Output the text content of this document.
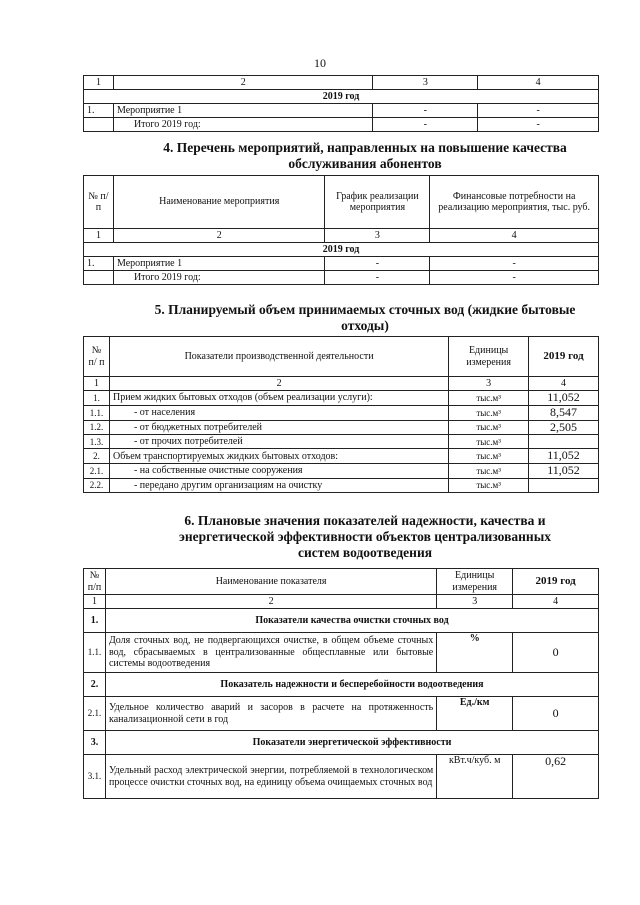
10
1	2	3	4
2019 год			
1.	Мероприятие 1	-	-
	Итого 2019 год:	-	-
4. Перечень мероприятий, направленных на повышение качества
обслуживания абонентов
№ п/п	Наименование мероприятия	График реализации мероприятия	Финансовые потребности на реализацию мероприятия, тыс. руб.
1	2	3	4
2019 год			
1.	Мероприятие 1	-	-
	Итого 2019 год:	-	-
5. Планируемый объем принимаемых сточных вод (жидкие бытовые
отходы)
№ п/ п	Показатели производственной деятельности	Единицы измерения	2019 год
1	2	3	4
1.	Прием жидких бытовых отходов (объем реализации услуги):	тыс.м³	11,052
1.1.	- от населения	тыс.м³	8,547
1.2.	- от бюджетных потребителей	тыс.м³	2,505
1.3.	- от прочих потребителей	тыс.м³	
2.	Объем транспортируемых жидких бытовых отходов:	тыс.м³	11,052
2.1.	- на собственные очистные сооружения	тыс.м³	11,052
2.2.	- передано другим организациям на очистку	тыс.м³	
6. Плановые значения показателей надежности, качества и
энергетической эффективности объектов централизованных
систем водоотведения
№ п/п	Наименование показателя	Единицы измерения	2019 год
1	2	3	4
1.	Показатели качества очистки сточных вод		
1.1.	Доля сточных вод, не подвергающихся очистке, в общем объеме сточных вод, сбрасываемых в централизованные общесплавные или бытовые системы водоотведения	%	0
2.	Показатель надежности и бесперебойности водоотведения		
2.1.	Удельное количество аварий и засоров в расчете на протяженность канализационной сети в год	Ед./км	0
3.	Показатели энергетической эффективности		
3.1.	Удельный расход электрической энергии, потребляемой в технологическом процессе очистки сточных вод, на единицу объема очищаемых сточных вод	кВт.ч/куб. м	0,62
